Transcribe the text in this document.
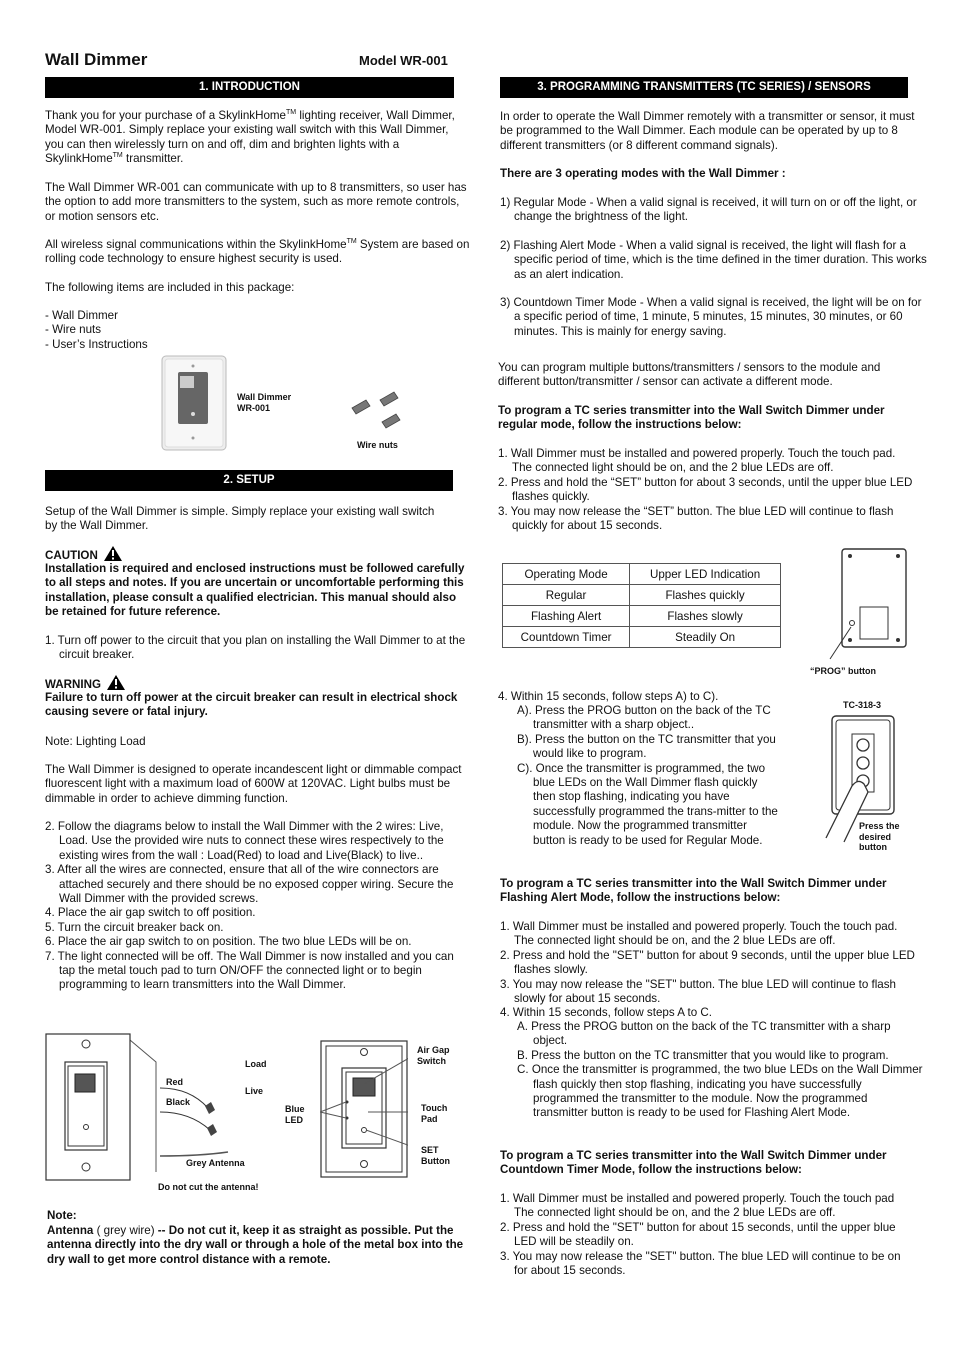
Wall Dimmer	Model WR-001
1. INTRODUCTION
Thank you for your purchase of a SkylinkHome™ lighting receiver, Wall Dimmer, Model WR-001. Simply replace your existing wall switch with this Wall Dimmer, you can then wirelessly turn on and off, dim and brighten lights with a SkylinkHome™ transmitter.
The Wall Dimmer WR-001 can communicate with up to 8 transmitters, so user has the option to add more transmitters to the system, such as more remote controls, or motion sensors etc.
All wireless signal communications within the SkylinkHome™ System are based on rolling code technology to ensure highest security is used.
The following items are included in this package:
- Wall Dimmer
- Wire nuts
- User’s Instructions
Wall Dimmer
WR-001
Wire nuts
2. SETUP
Setup of the Wall Dimmer is simple. Simply replace your existing wall switch by the Wall Dimmer.
CAUTION
Installation is required and enclosed instructions must be followed carefully to all steps and notes. If you are uncertain or uncomfortable performing this installation, please consult a qualified electrician. This manual should also be retained for future reference.
1. Turn off power to the circuit that you plan on installing the Wall Dimmer to at the circuit breaker.
WARNING
Failure to turn off power at the circuit breaker can result in electrical shock causing severe or fatal injury.
Note: Lighting Load
The Wall Dimmer is designed to operate incandescent light or dimmable compact fluorescent light with a maximum load of 600W at 120VAC. Light bulbs must be dimmable in order to achieve dimming function.
2. Follow the diagrams below to install the Wall Dimmer with the 2 wires: Live, Load. Use the provided wire nuts to connect these wires respectively to the existing wires from the wall : Load(Red) to load and Live(Black) to live..
3. After all the wires are connected, ensure that all of the wire connectors are attached securely and there should be no exposed copper wiring. Secure the Wall Dimmer with the provided screws.
4. Place the air gap switch to off position.
5. Turn the circuit breaker back on.
6. Place the air gap switch to on position. The two blue LEDs will be on.
7. The light connected will be off. The Wall Dimmer is now installed and you can tap the metal touch pad to turn ON/OFF the connected light or to begin programming to learn transmitters into the Wall Dimmer.
Load
Red
Live
Black
Grey Antenna
Do not cut the antenna!
Air Gap
Switch
Blue
LED
Touch
Pad
SET
Button
Note:
Antenna ( grey wire) -- Do not cut it, keep it as straight as possible. Put the antenna directly into the dry wall or through a hole of the metal box into the dry wall to get more control distance with a remote.
3. PROGRAMMING TRANSMITTERS (TC SERIES) / SENSORS
In order to operate the Wall Dimmer remotely with a transmitter or sensor, it must be programmed to the Wall Dimmer. Each module can be operated by up to 8 different transmitters (or 8 different command signals).
There are 3 operating modes with the Wall Dimmer :
1) Regular Mode - When a valid signal is received, it will turn on or off the light, or change the brightness of the light.
2) Flashing Alert Mode - When a valid signal is received, the light will flash for a specific period of time, which is the time defined in the timer duration. This works as an alert indication.
3) Countdown Timer Mode - When a valid signal is received, the light will be on for a specific period of time, 1 minute, 5 minutes, 15 minutes, 30 minutes, or 60 minutes. This is mainly for energy saving.
You can program multiple buttons/transmitters / sensors to the module and different button/transmitter / sensor can activate a different mode.
To program a TC series transmitter into the Wall Switch Dimmer under regular mode, follow the instructions below:
1. Wall Dimmer must be installed and powered properly. Touch the touch pad. The connected light should be on, and the 2 blue LEDs are off.
2. Press and hold the “SET” button for about 3 seconds, until the upper blue LED flashes quickly.
3. You may now release the “SET” button. The blue LED will continue to flash quickly for about 15 seconds.
Operating Mode	Upper LED Indication
Regular	Flashes quickly
Flashing Alert	Flashes slowly
Countdown Timer	Steadily On
“PROG” button
4. Within 15 seconds, follow steps A) to C).
A). Press the PROG button on the back of the TC transmitter with a sharp object..
B). Press the button on the TC transmitter that you would like to program.
C). Once the transmitter is programmed, the two blue LEDs on the Wall Dimmer flash quickly then stop flashing, indicating you have successfully programmed the trans-mitter to the module. Now the programmed transmitter button is ready to be used for Regular Mode.
TC-318-3
Press the
desired
button
To program a TC series transmitter into the Wall Switch Dimmer under Flashing Alert Mode, follow the instructions below:
1. Wall Dimmer must be installed and powered properly. Touch the touch pad. The connected light should be on, and the 2 blue LEDs are off.
2. Press and hold the "SET" button for about 9 seconds, until the upper blue LED flashes slowly.
3. You may now release the "SET" button. The blue LED will continue to flash slowly for about 15 seconds.
4. Within 15 seconds, follow steps A to C.
A. Press the PROG button on the back of the TC transmitter with a sharp object.
B. Press the button on the TC transmitter that you would like to program.
C. Once the transmitter is programmed, the two blue LEDs on the Wall Dimmer flash quickly then stop flashing, indicating you have successfully programmed the transmitter to the module. Now the programmed transmitter button is ready to be used for Flashing Alert Mode.
To program a TC series transmitter into the Wall Switch Dimmer under Countdown Timer Mode, follow the instructions below:
1. Wall Dimmer must be installed and powered properly. Touch the touch pad The connected light should be on, and the 2 blue LEDs are off.
2. Press and hold the "SET" button for about 15 seconds, until the upper blue LED will be steadily on.
3. You may now release the "SET" button. The blue LED will continue to be on for about 15 seconds.
